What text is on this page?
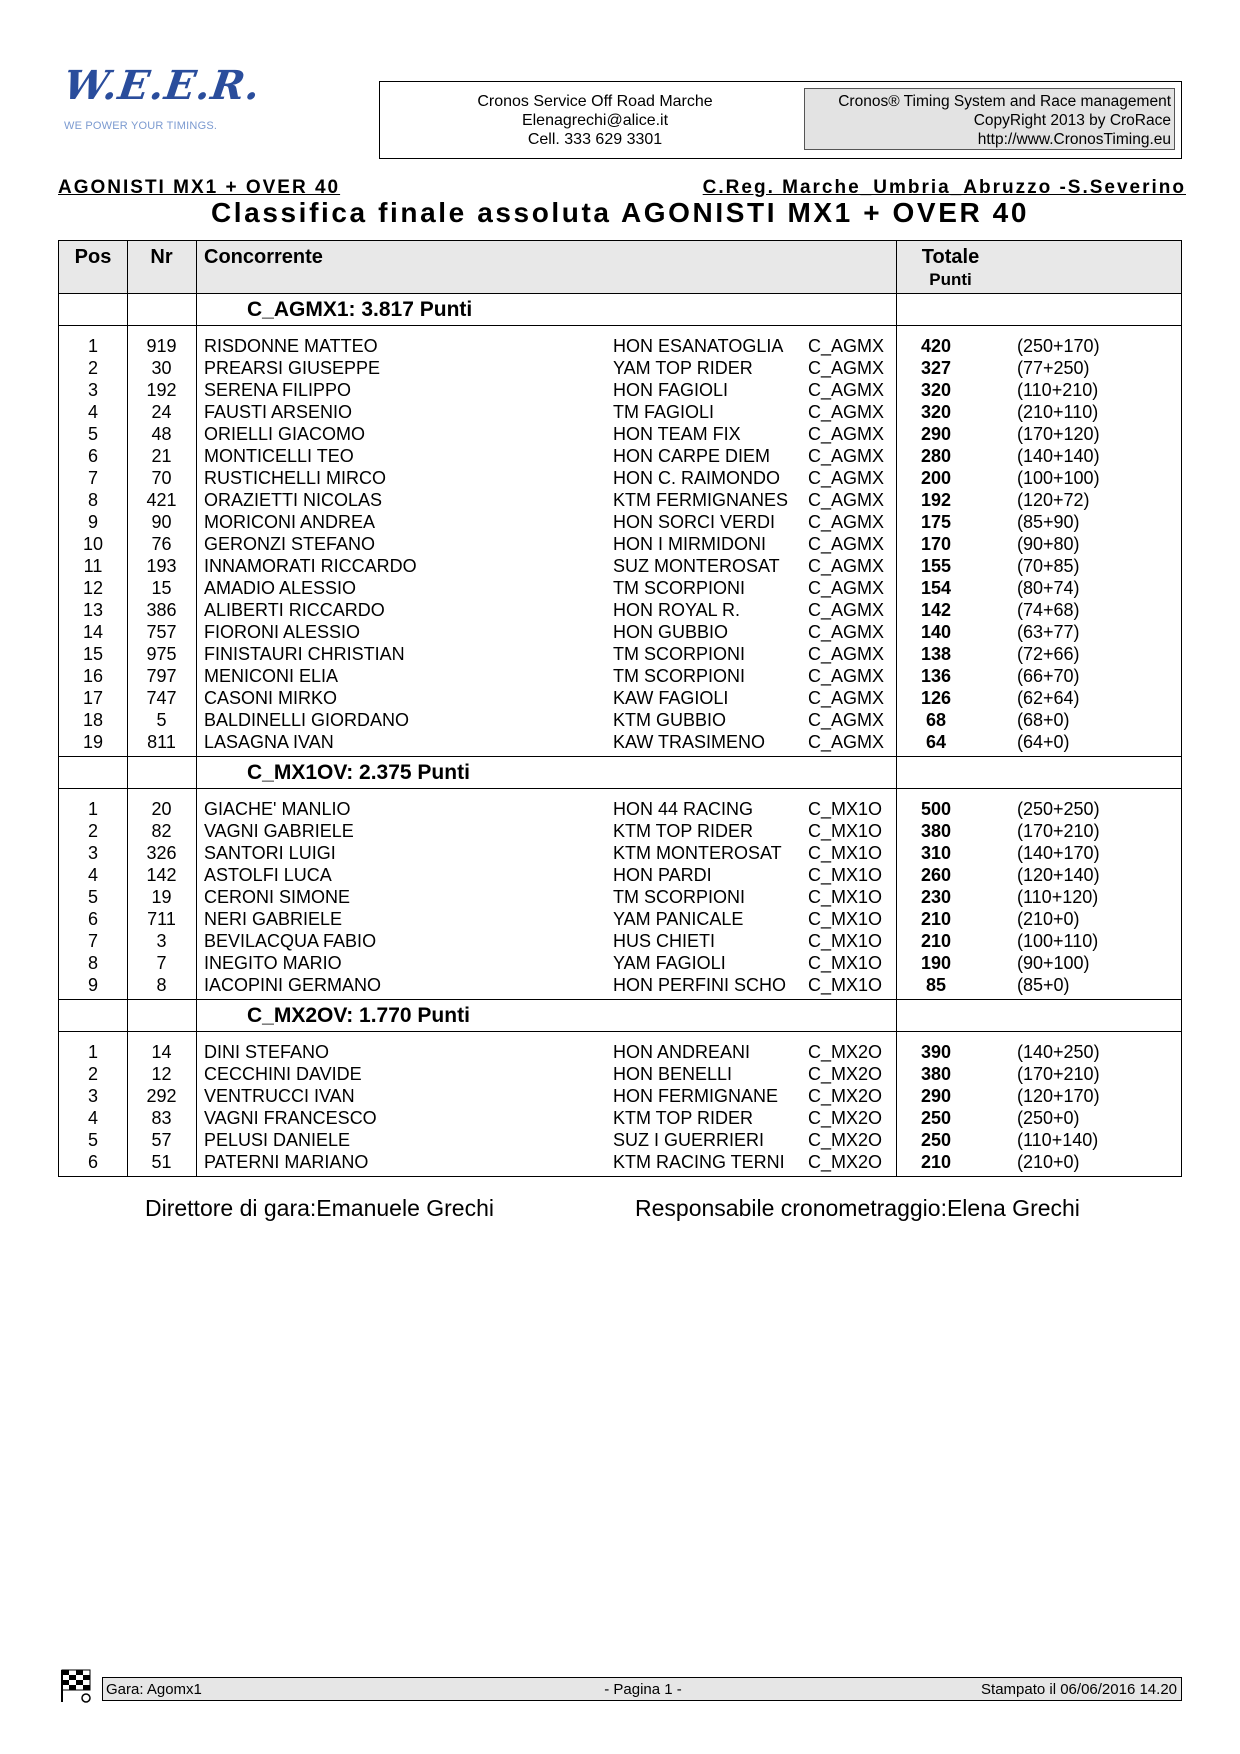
W.E.E.R.
WE POWER YOUR TIMINGS.
Cronos Service Off Road Marche
Elenagrechi@alice.it
Cell. 333 629 3301
Cronos® Timing System and Race management
CopyRight 2013 by CroRace
http://www.CronosTiming.eu
AGONISTI MX1 + OVER 40	C.Reg. Marche_Umbria_Abruzzo -S.Severino
Classifica finale assoluta AGONISTI MX1 + OVER 40
Pos	Nr	Concorrente	Totale
Punti
C_AGMX1: 3.817 Punti
1	919	RISDONNE MATTEO	HON ESANATOGLIA C_AGMX	420	(250+170)
2	30	PREARSI GIUSEPPE	YAM TOP RIDER	C_AGMX	327	(77+250)
3	192	SERENA FILIPPO	HON FAGIOLI	C_AGMX	320	(110+210)
4	24	FAUSTI ARSENIO	TM FAGIOLI	C_AGMX	320	(210+110)
5	48	ORIELLI GIACOMO	HON TEAM FIX	C_AGMX	290	(170+120)
6	21	MONTICELLI TEO	HON CARPE DIEM C_AGMX	280	(140+140)
7	70	RUSTICHELLI MIRCO	HON C. RAIMONDO C_AGMX	200	(100+100)
8	421	ORAZIETTI NICOLAS	KTM FERMIGNANES C_AGMX	192	(120+72)
9	90	MORICONI ANDREA	HON SORCI VERDI C_AGMX	175	(85+90)
10	76	GERONZI STEFANO	HON I MIRMIDONI C_AGMX	170	(90+80)
11	193	INNAMORATI RICCARDO	SUZ MONTEROSAT C_AGMX	155	(70+85)
12	15	AMADIO ALESSIO	TM SCORPIONI	C_AGMX	154	(80+74)
13	386	ALIBERTI RICCARDO	HON ROYAL R.	C_AGMX	142	(74+68)
14	757	FIORONI ALESSIO	HON GUBBIO	C_AGMX	140	(63+77)
15	975	FINISTAURI CHRISTIAN	TM SCORPIONI	C_AGMX	138	(72+66)
16	797	MENICONI ELIA	TM SCORPIONI	C_AGMX	136	(66+70)
17	747	CASONI MIRKO	KAW FAGIOLI	C_AGMX	126	(62+64)
18	5	BALDINELLI GIORDANO	KTM GUBBIO	C_AGMX	68	(68+0)
19	811	LASAGNA IVAN	KAW TRASIMENO C_AGMX	64	(64+0)
C_MX1OV: 2.375 Punti
1	20	GIACHE' MANLIO	HON 44 RACING	C_MX1O	500	(250+250)
2	82	VAGNI GABRIELE	KTM TOP RIDER	C_MX1O	380	(170+210)
3	326	SANTORI LUIGI	KTM MONTEROSAT C_MX1O	310	(140+170)
4	142	ASTOLFI LUCA	HON PARDI	C_MX1O	260	(120+140)
5	19	CERONI SIMONE	TM SCORPIONI	C_MX1O	230	(110+120)
6	711	NERI GABRIELE	YAM PANICALE	C_MX1O	210	(210+0)
7	3	BEVILACQUA FABIO	HUS CHIETI	C_MX1O	210	(100+110)
8	7	INEGITO MARIO	YAM FAGIOLI	C_MX1O	190	(90+100)
9	8	IACOPINI GERMANO	HON PERFINI SCHO C_MX1O	85	(85+0)
C_MX2OV: 1.770 Punti
1	14	DINI STEFANO	HON ANDREANI	C_MX2O	390	(140+250)
2	12	CECCHINI DAVIDE	HON BENELLI	C_MX2O	380	(170+210)
3	292	VENTRUCCI IVAN	HON FERMIGNANE C_MX2O	290	(120+170)
4	83	VAGNI FRANCESCO	KTM TOP RIDER	C_MX2O	250	(250+0)
5	57	PELUSI DANIELE	SUZ I GUERRIERI C_MX2O	250	(110+140)
6	51	PATERNI MARIANO	KTM RACING TERNI C_MX2O	210	(210+0)
Direttore di gara:Emanuele Grechi	Responsabile cronometraggio:Elena Grechi
Gara: Agomx1	- Pagina 1 -	Stampato il 06/06/2016 14.20
